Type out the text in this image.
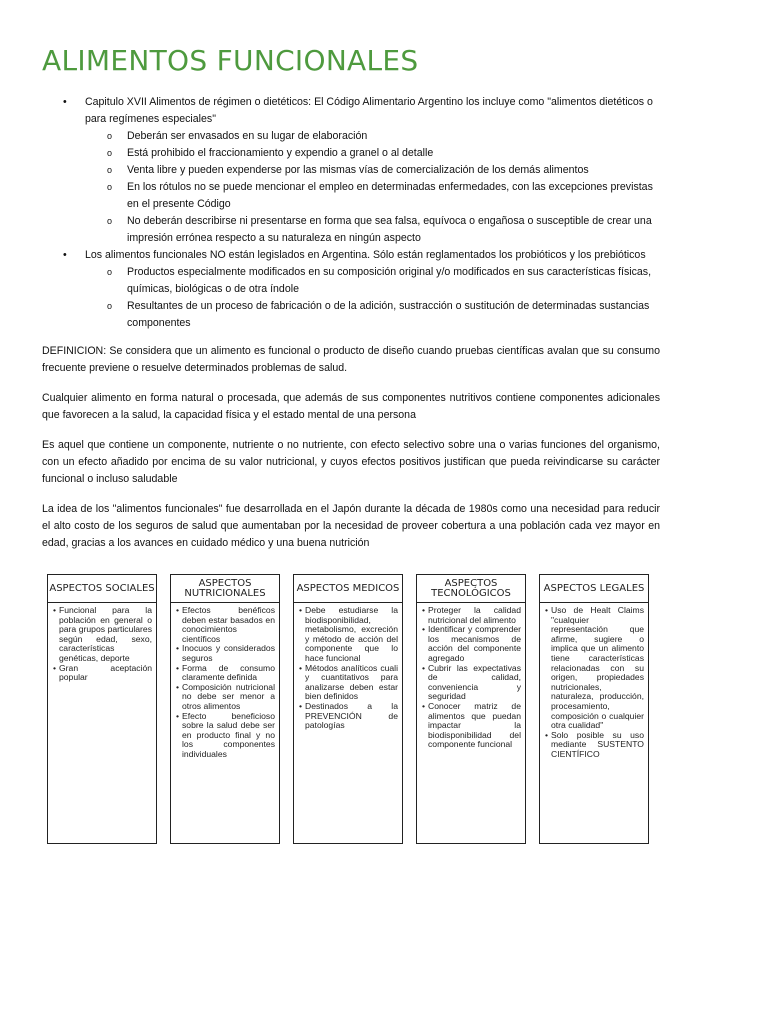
ALIMENTOS FUNCIONALES
• Capitulo XVII Alimentos de régimen o dietéticos: El Código Alimentario Argentino los incluye como "alimentos dietéticos o para regímenes especiales"
o Deberán ser envasados en su lugar de elaboración
o Está prohibido el fraccionamiento y expendio a granel o al detalle
o Venta libre y pueden expenderse por las mismas vías de comercialización de los demás alimentos
o En los rótulos no se puede mencionar el empleo en determinadas enfermedades, con las excepciones previstas en el presente Código
o No deberán describirse ni presentarse en forma que sea falsa, equívoca o engañosa o susceptible de crear una impresión errónea respecto a su naturaleza en ningún aspecto
• Los alimentos funcionales NO están legislados en Argentina. Sólo están reglamentados los probióticos y los prebióticos
o Productos especialmente modificados en su composición original y/o modificados en sus características físicas, químicas, biológicas o de otra índole
o Resultantes de un proceso de fabricación o de la adición, sustracción o sustitución de determinadas sustancias componentes

DEFINICION: Se considera que un alimento es funcional o producto de diseño cuando pruebas científicas avalan que su consumo frecuente previene o resuelve determinados problemas de salud.

Cualquier alimento en forma natural o procesada, que además de sus componentes nutritivos contiene componentes adicionales que favorecen a la salud, la capacidad física y el estado mental de una persona

Es aquel que contiene un componente, nutriente o no nutriente, con efecto selectivo sobre una o varias funciones del organismo, con un efecto añadido por encima de su valor nutricional, y cuyos efectos positivos justifican que pueda reivindicarse su carácter funcional o incluso saludable

La idea de los "alimentos funcionales" fue desarrollada en el Japón durante la década de 1980s como una necesidad para reducir el alto costo de los seguros de salud que aumentaban por la necesidad de proveer cobertura a una población cada vez mayor en edad, gracias a los avances en cuidado médico y una buena nutrición

ASPECTOS SOCIALES
• Funcional para la población en general o para grupos particulares según edad, sexo, características genéticas, deporte
• Gran aceptación popular
ASPECTOS NUTRICIONALES
• Efectos benéficos deben estar basados en conocimientos científicos
• Inocuos y considerados seguros
• Forma de consumo claramente definida
• Composición nutricional no debe ser menor a otros alimentos
• Efecto beneficioso sobre la salud debe ser en producto final y no los componentes individuales
ASPECTOS MEDICOS
• Debe estudiarse la biodisponibilidad, metabolismo, excreción y método de acción del componente que lo hace funcional
• Métodos analíticos cuali y cuantitativos para analizarse deben estar bien definidos
• Destinados a la PREVENCIÓN de patologías
ASPECTOS TECNOLÓGICOS
• Proteger la calidad nutricional del alimento
• Identificar y comprender los mecanismos de acción del componente agregado
• Cubrir las expectativas de calidad, conveniencia y seguridad
• Conocer matriz de alimentos que puedan impactar la biodisponibilidad del componente funcional
ASPECTOS LEGALES
• Uso de Healt Claims "cualquier representación que afirme, sugiere o implica que un alimento tiene características relacionadas con su origen, propiedades nutricionales, naturaleza, producción, procesamiento, composición o cualquier otra cualidad"
• Solo posible su uso mediante SUSTENTO CIENTÍFICO
